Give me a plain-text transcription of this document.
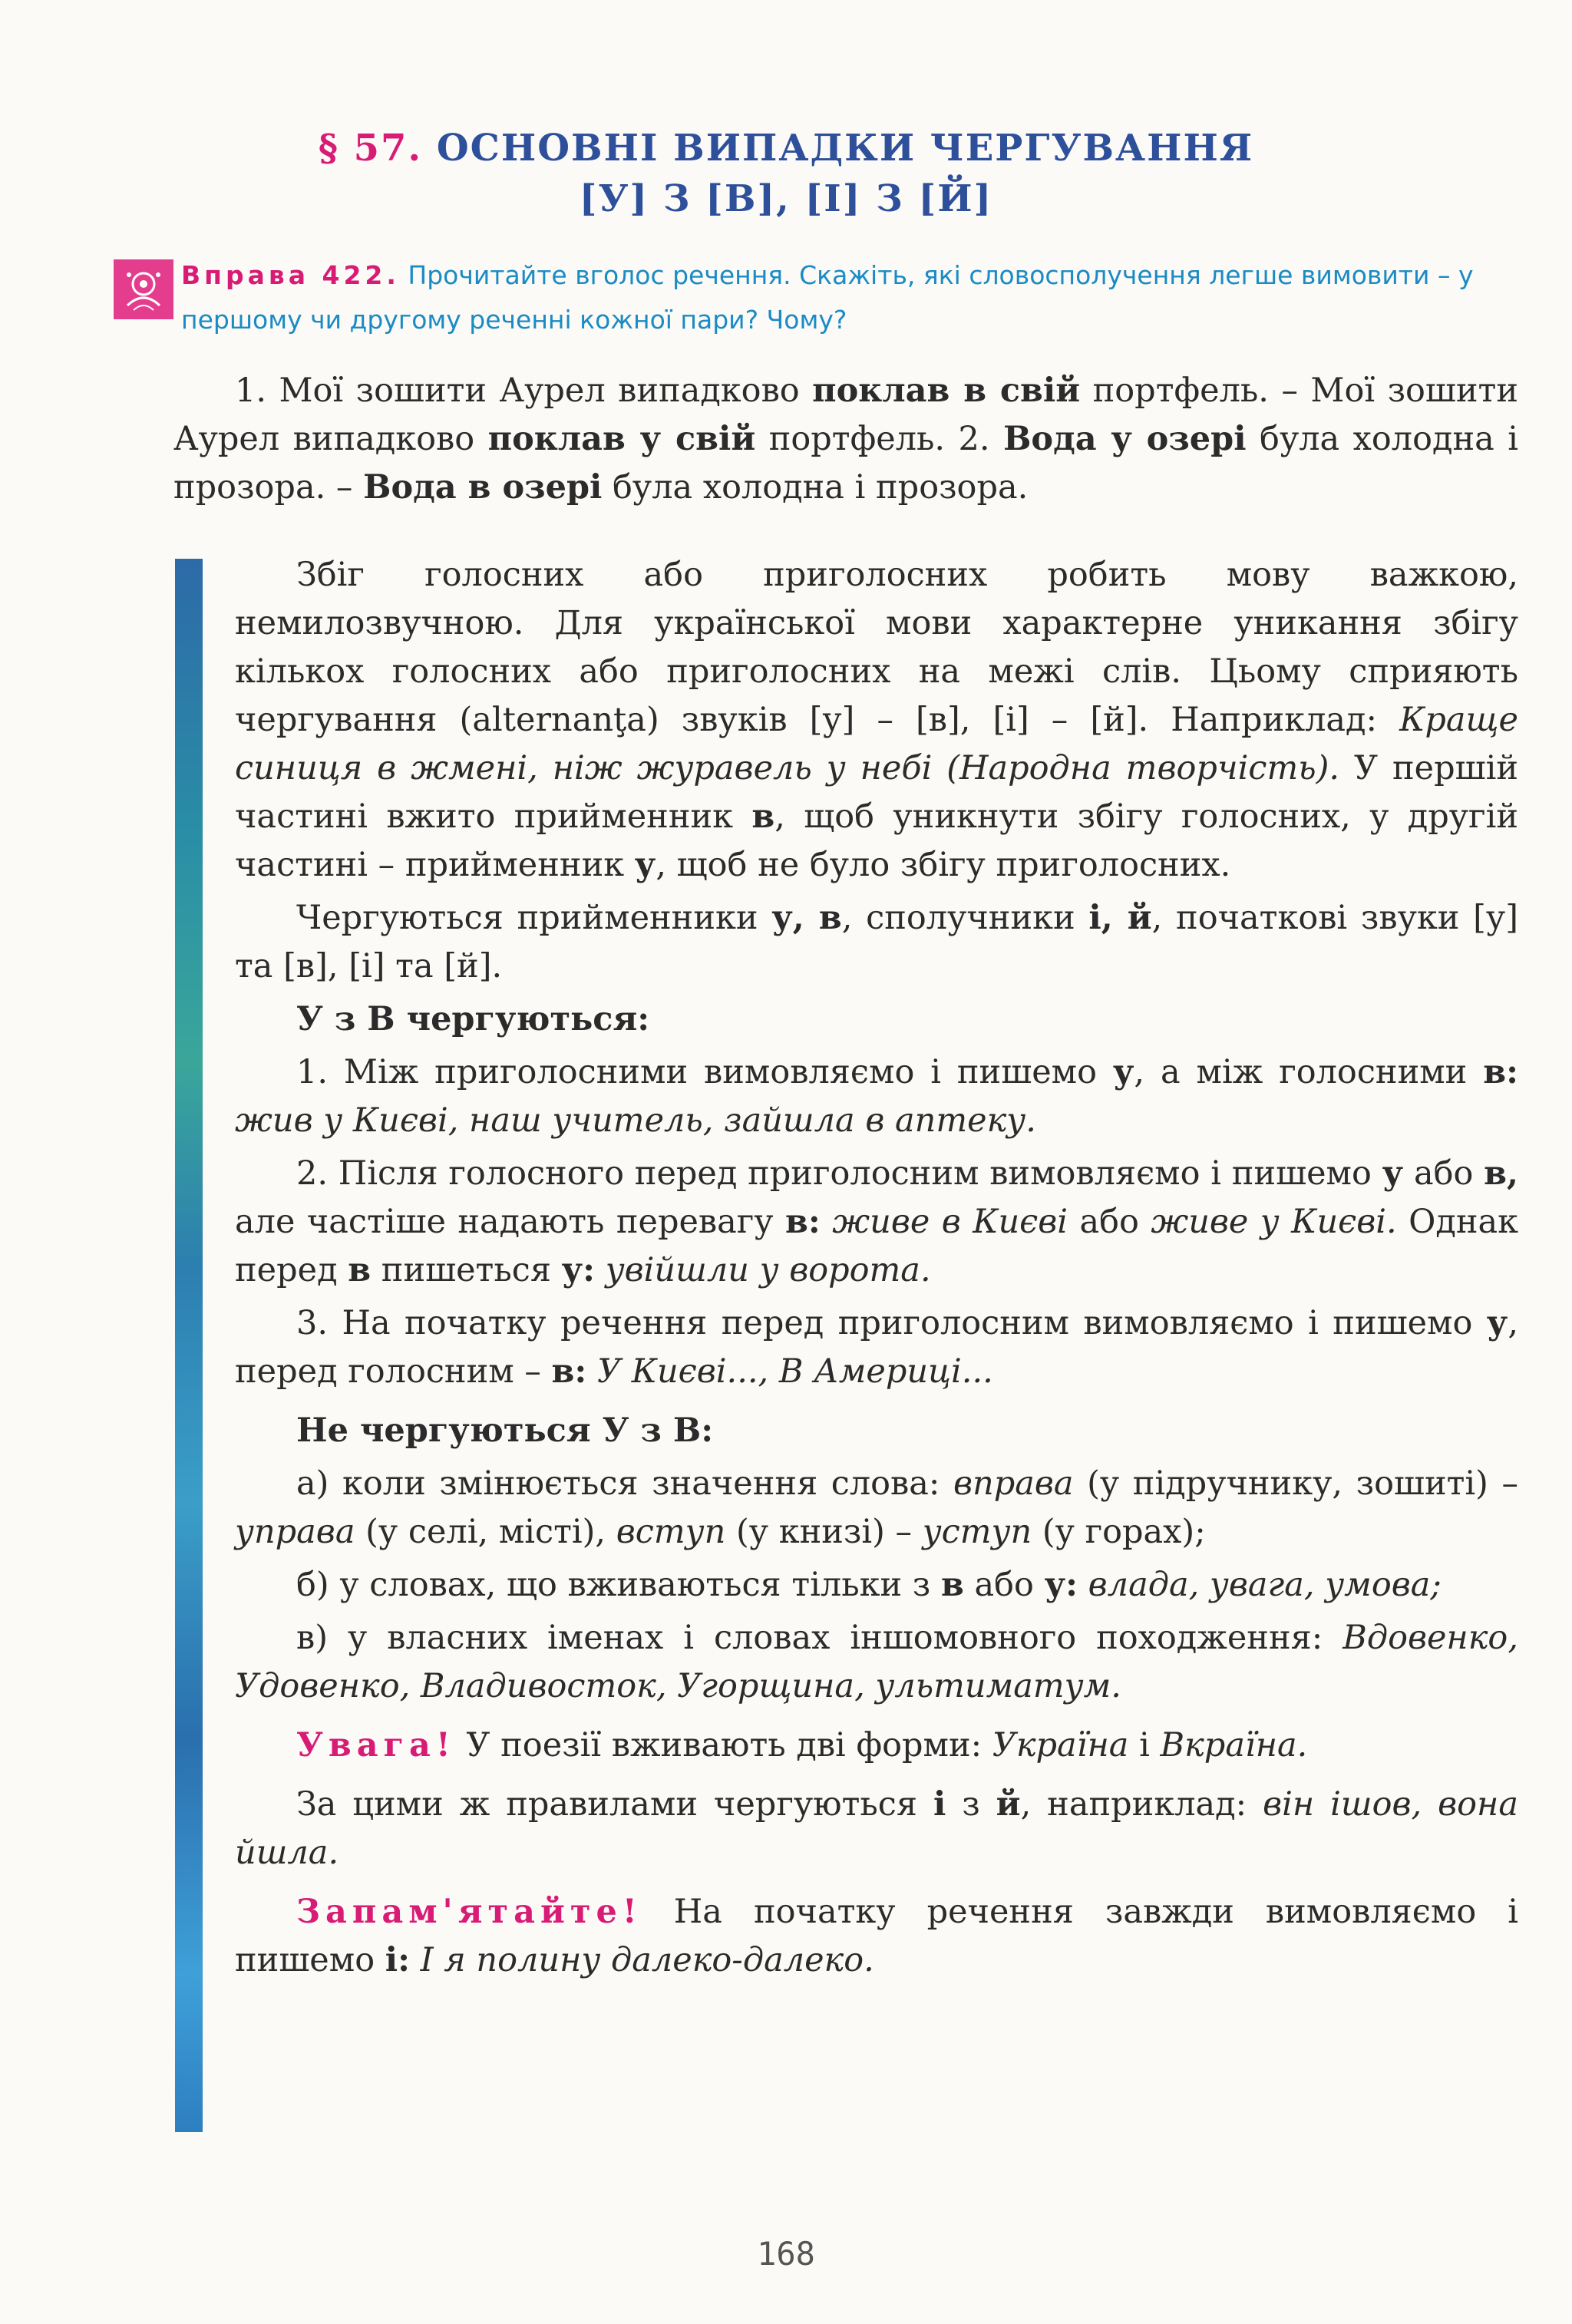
§ 57. ОСНОВНІ ВИПАДКИ ЧЕРГУВАННЯ
[У] З [В], [І] З [Й]
Вправа 422. Прочитайте вголос речення. Скажіть, які словосполучення легше вимовити – у першому чи другому реченні кожної пари? Чому?
1. Мої зошити Аурел випадково поклав в свій портфель. – Мої зошити Аурел випадково поклав у свій портфель. 2. Вода у озері була холодна і прозора. – Вода в озері була холодна і прозора.

Збіг голосних або приголосних робить мову важкою, немилозвучною. Для української мови характерне уникання збігу кількох голосних або приголосних на межі слів. Цьому сприяють чергування (alternanţa) звуків [у] – [в], [і] – [й]. Наприклад: Краще синиця в жмені, ніж журавель у небі (Народна творчість). У першій частині вжито прийменник в, щоб уникнути збігу голосних, у другій частині – прийменник у, щоб не було збігу приголосних.

Чергуються прийменники у, в, сполучники і, й, початкові звуки [у] та [в], [і] та [й].

У з В чергуються:

1. Між приголосними вимовляємо і пишемо у, а між голосними в: жив у Києві, наш учитель, зайшла в аптеку.

2. Після голосного перед приголосним вимовляємо і пишемо у або в, але частіше надають перевагу в: живе в Києві або живе у Києві. Однак перед в пишеться у: увійшли у ворота.

3. На початку речення перед приголосним вимовляємо і пишемо у, перед голосним – в: У Києві..., В Америці...

Не чергуються У з В:

а) коли змінюється значення слова: вправа (у підручнику, зошиті) – управа (у селі, місті), вступ (у книзі) – уступ (у горах);

б) у словах, що вживаються тільки з в або у: влада, увага, умова;

в) у власних іменах і словах іншомовного походження: Вдовенко, Удовенко, Владивосток, Угорщина, ультиматум.

Увага! У поезії вживають дві форми: Україна і Вкраїна.

За цими ж правилами чергуються і з й, наприклад: він ішов, вона йшла.

Запам'ятайте! На початку речення завжди вимовляємо і пишемо і: І я полину далеко-далеко.

168
